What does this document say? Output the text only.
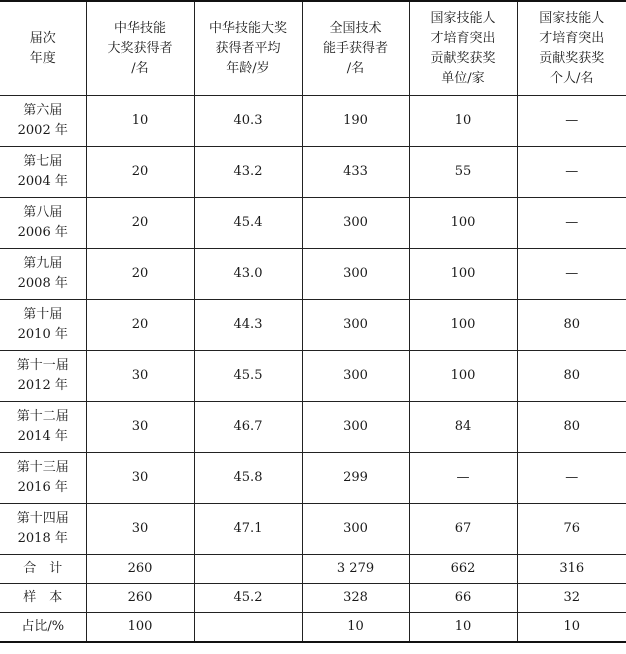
届次
年度	中华技能
大奖获得者
/名	中华技能大奖
获得者平均
年龄/岁	全国技术
能手获得者
/名	国家技能人
才培育突出
贡献奖获奖
单位/家	国家技能人
才培育突出
贡献奖获奖
个人/名

第六届
2002 年	10	40.3	190	10	—

第七届
2004 年	20	43.2	433	55	—

第八届
2006 年	20	45.4	300	100	—

第九届
2008 年	20	43.0	300	100	—

第十届
2010 年	20	44.3	300	100	80

第十一届
2012 年	30	45.5	300	100	80

第十二届
2014 年	30	46.7	300	84	80

第十三届
2016 年	30	45.8	299	—	—

第十四届
2018 年	30	47.1	300	67	76
合　计	260		3 279	662	316
样　本	260	45.2	328	66	32
占比/%	100		10	10	10
